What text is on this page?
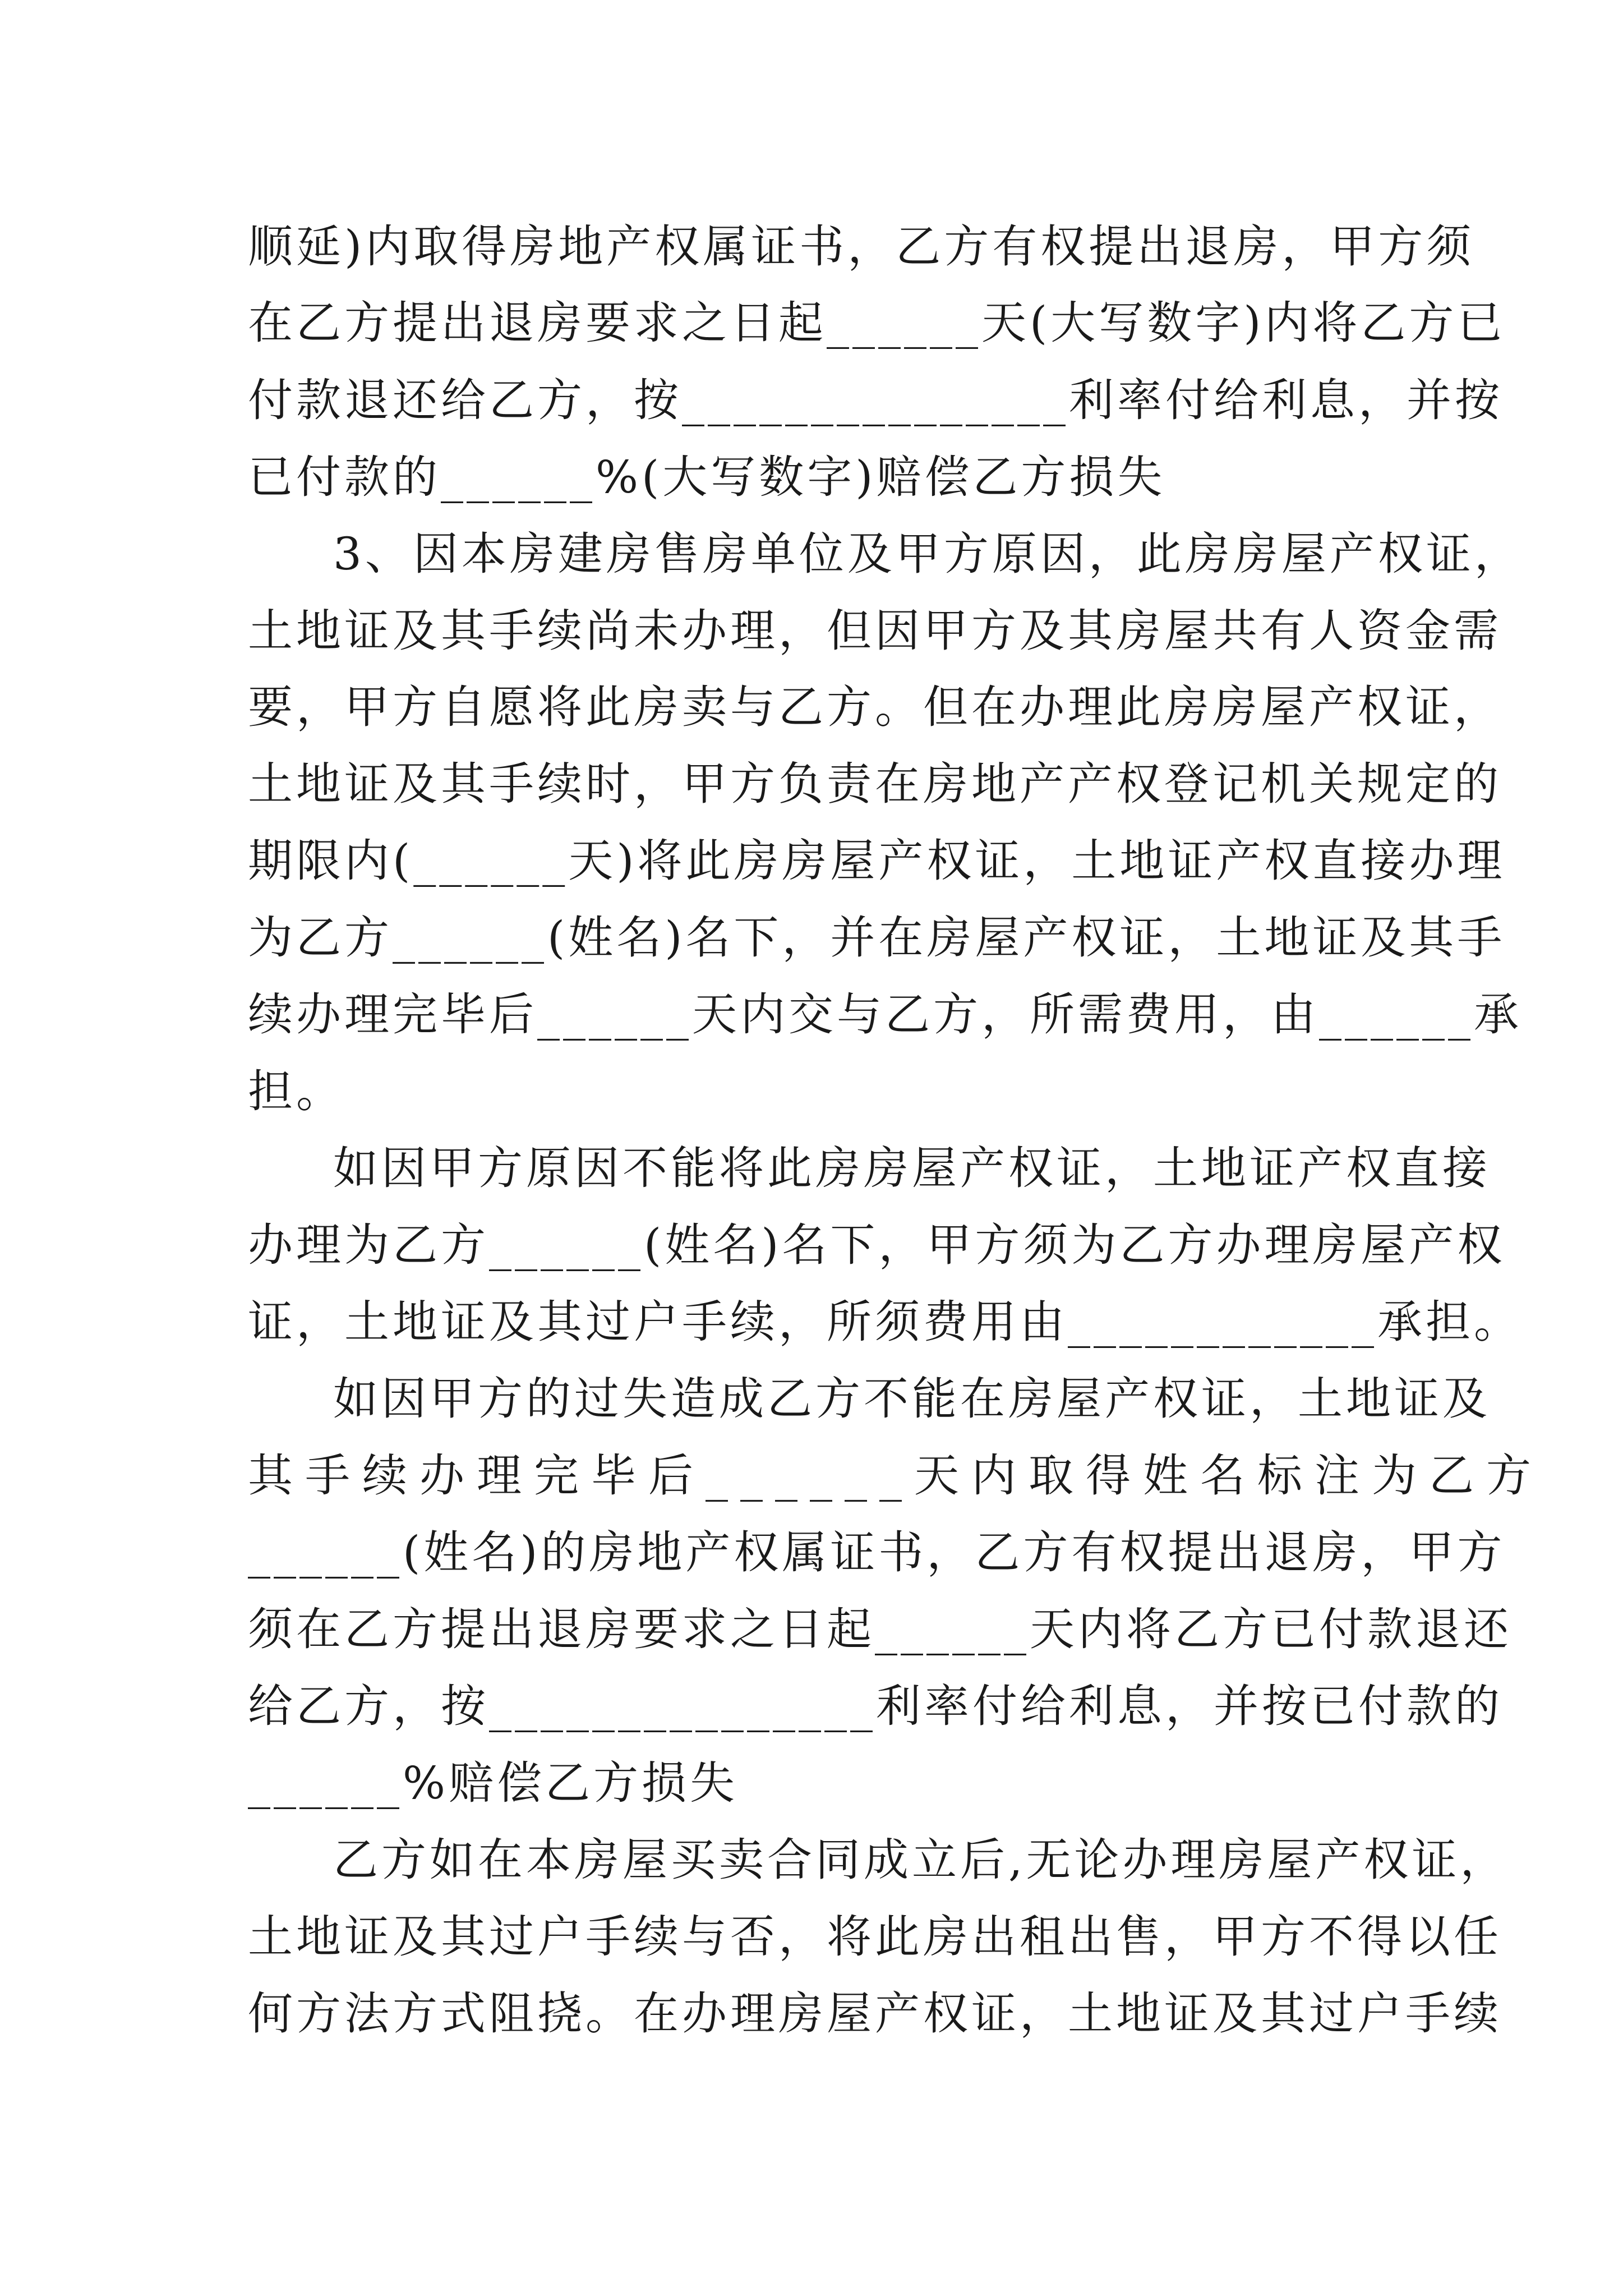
顺延)内取得房地产权属证书，乙方有权提出退房，甲方须
在乙方提出退房要求之日起______天(大写数字)内将乙方已
付款退还给乙方，按_______________利率付给利息，并按
已付款的______%(大写数字)赔偿乙方损失
3、因本房建房售房单位及甲方原因，此房房屋产权证，
土地证及其手续尚未办理，但因甲方及其房屋共有人资金需
要，甲方自愿将此房卖与乙方。但在办理此房房屋产权证，
土地证及其手续时，甲方负责在房地产产权登记机关规定的
期限内(______天)将此房房屋产权证，土地证产权直接办理
为乙方______(姓名)名下，并在房屋产权证，土地证及其手
续办理完毕后______天内交与乙方，所需费用，由______承
担。
如因甲方原因不能将此房房屋产权证，土地证产权直接
办理为乙方______(姓名)名下，甲方须为乙方办理房屋产权
证，土地证及其过户手续，所须费用由____________承担。
如因甲方的过失造成乙方不能在房屋产权证，土地证及
其手续办理完毕后______天内取得姓名标注为乙方
______(姓名)的房地产权属证书，乙方有权提出退房，甲方
须在乙方提出退房要求之日起______天内将乙方已付款退还
给乙方，按_______________利率付给利息，并按已付款的
______%赔偿乙方损失
乙方如在本房屋买卖合同成立后,无论办理房屋产权证，
土地证及其过户手续与否，将此房出租出售，甲方不得以任
何方法方式阻挠。在办理房屋产权证，土地证及其过户手续
